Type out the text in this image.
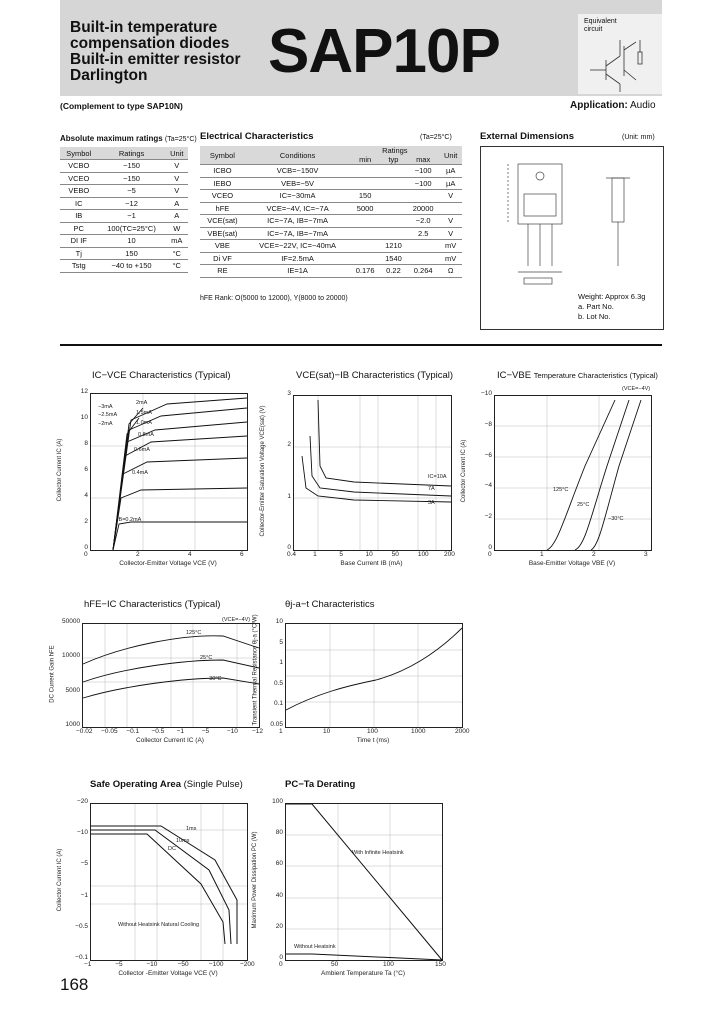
Built-in temperature
compensation diodes
Built-in emitter resistor
Darlington	SAP10P	Equivalent circuit
(Complement to type SAP10N)	Application: Audio
Absolute maximum ratings (Ta=25°C)
Symbol	Ratings	Unit
VCBO	−150	V
VCEO	−150	V
VEBO	−5	V
IC	−12	A
IB	−1	A
PC	100(TC=25°C)	W
DI IF	10	mA
Tj	150	°C
Tstg	−40 to +150	°C
Electrical Characteristics	(Ta=25°C)
Symbol	Conditions	Ratings			Unit
		min	typ	max	
ICBO	VCB=−150V			−100	µA
IEBO	VEB=−5V			−100	µA
VCEO	IC=−30mA	150			V
hFE	VCE=−4V, IC=−7A	5000		20000	
VCE(sat)	IC=−7A, IB=−7mA			−2.0	V
VBE(sat)	IC=−7A, IB=−7mA			2.5	V
VBE	VCE=−22V, IC=−40mA		1210		mV
Di VF	IF=2.5mA		1540		mV
RE	IE=1A	0.176	0.22	0.264	Ω
hFE Rank: O(5000 to 12000), Y(8000 to 20000)
External Dimensions	(Unit: mm)
Weight: Approx 6.3g
a. Part No.
b. Lot No.
IC−VCE Characteristics (Typical)	VCE(sat)−IB Characteristics (Typical)	IC−VBE Temperature Characteristics (Typical)
hFE−IC Characteristics (Typical)	θj-a−t Characteristics
Safe Operating Area (Single Pulse)	PC−Ta Derating
168
0	2	4	6
0
2
4
6
8
10
12
Collector-Emitter Voltage VCE (V)
Collector Current IC (A)
IB=0.2mA
0.4mA
0.6mA
0.8mA
1.0mA
1.5mA
2mA
−3mA
−2.5mA
−2mA
0.4	1	5	10	50	100 200
0
1
2
3
Base Current IB (mA)
Collector-Emitter Saturation Voltage VCE(sat) (V)	IC=10A
7A
3A
0	1	2	3
0
−2
−4
−6
−8
−10
Base-Emitter Voltage VBE (V)
Collector Current IC (A)
(VCE=−4V)
125°C
25°C
−30°C
−0.02 −0.05 −0.1 −0.5 −1	−5	−10 −12
1000
5000
10000
50000
Collector Current IC (A)
DC Current Gain hFE
(VCE=−4V)
125°C
25°C
−30°C
1	10	100	1000	2000
0.05
0.1
0.5
1
5
10
Time t (ms)
Transient Thermal Resistance θj-a (°C/W)
−1	−5	−10	−50	−100	−200
−0.1
−0.5
−1
−5
−10
−20
Collector -Emitter Voltage VCE (V)
Collector Current IC (A)
1ms
10ms
DC
Without Heatsink Natural Cooling
0	50	100	150
0
20
40
60
80
100
Ambient Temperature Ta (°C)
Maximum Power Dissipation PC (W)	With Infinite Heatsink
Without Heatsink
